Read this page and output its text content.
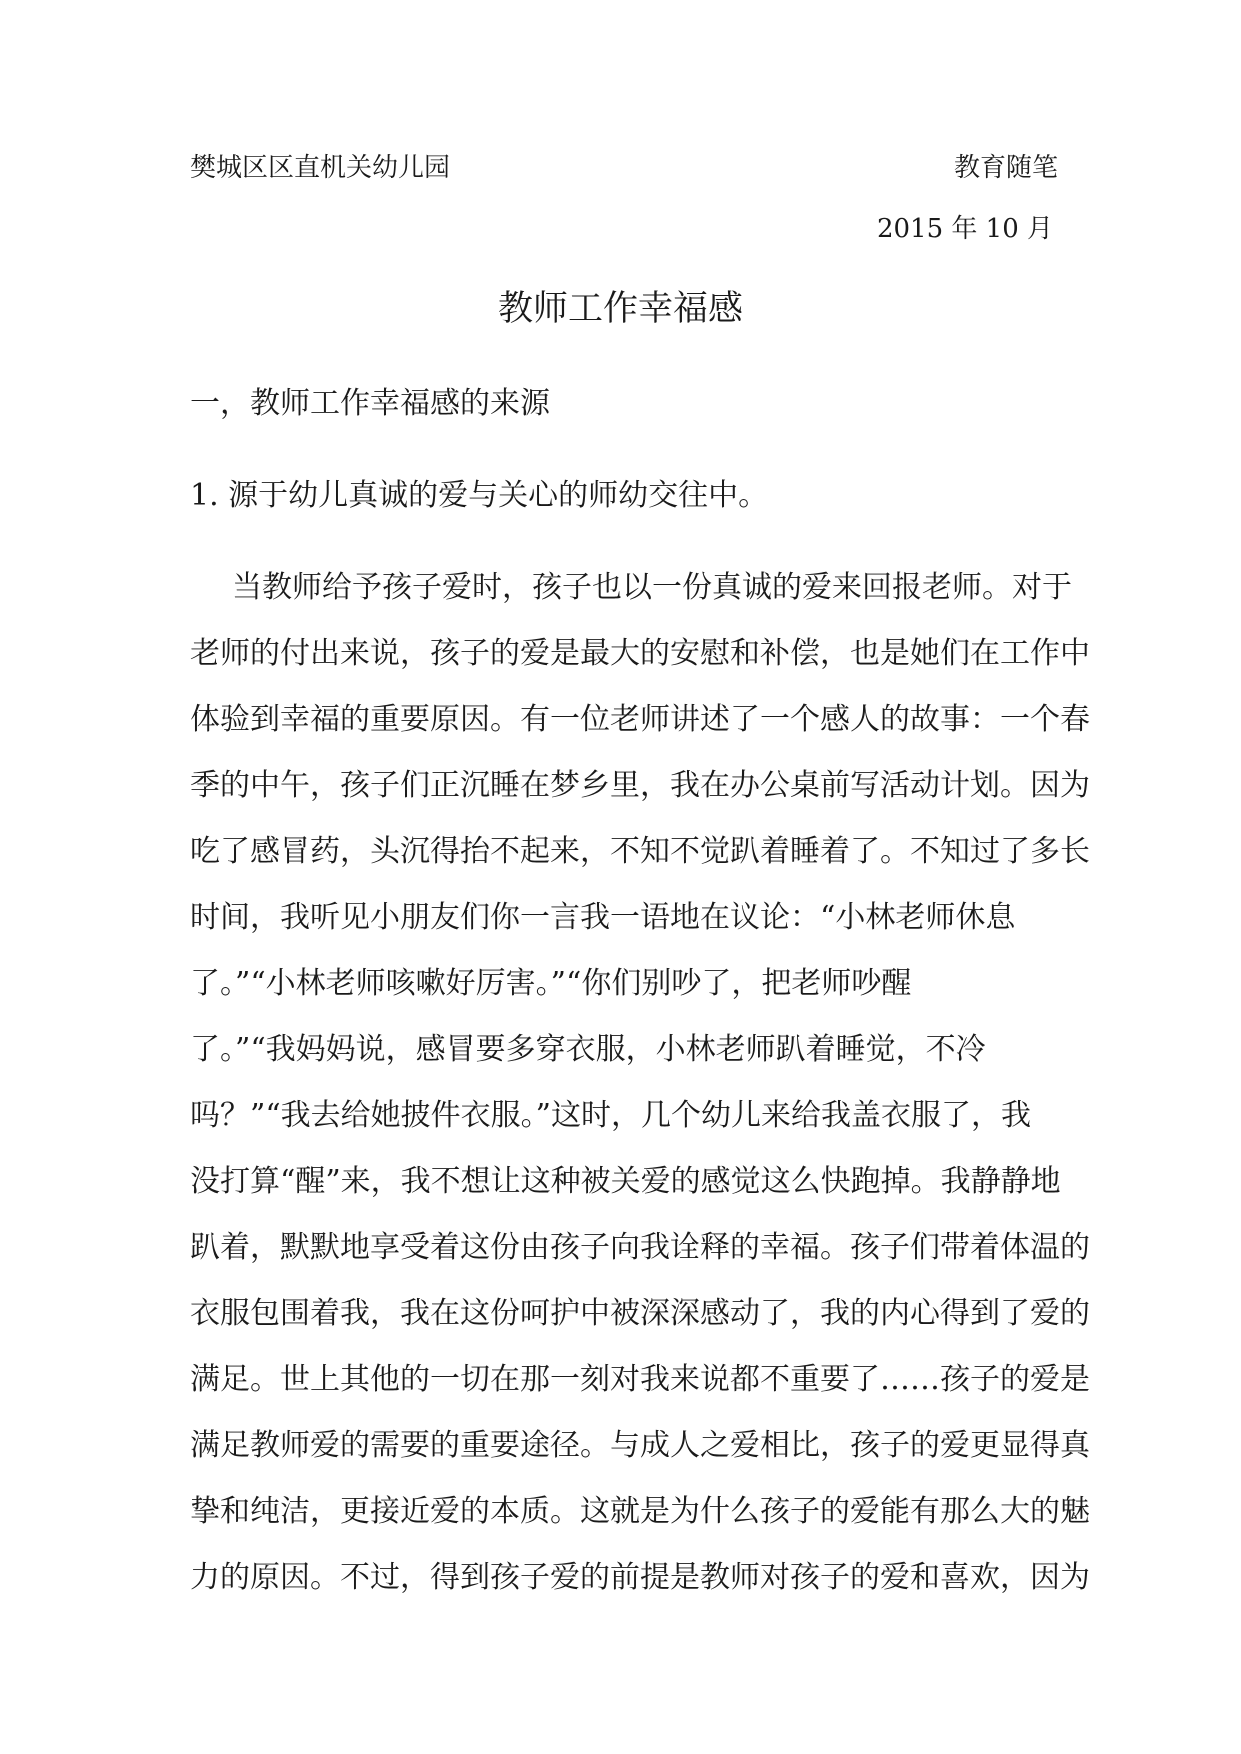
樊城区区直机关幼儿园	教育随笔
2015 年 10 月
教师工作幸福感
一，教师工作幸福感的来源
1. 源于幼儿真诚的爱与关心的师幼交往中。
当教师给予孩子爱时，孩子也以一份真诚的爱来回报老师。对于
老师的付出来说，孩子的爱是最大的安慰和补偿，也是她们在工作中
体验到幸福的重要原因。有一位老师讲述了一个感人的故事：一个春
季的中午，孩子们正沉睡在梦乡里，我在办公桌前写活动计划。因为
吃了感冒药，头沉得抬不起来，不知不觉趴着睡着了。不知过了多长
时间，我听见小朋友们你一言我一语地在议论：“小林老师休息
了。”“小林老师咳嗽好厉害。”“你们别吵了，把老师吵醒
了。”“我妈妈说，感冒要多穿衣服，小林老师趴着睡觉，不冷
吗？”“我去给她披件衣服。”这时，几个幼儿来给我盖衣服了，我
没打算“醒”来，我不想让这种被关爱的感觉这么快跑掉。我静静地
趴着，默默地享受着这份由孩子向我诠释的幸福。孩子们带着体温的
衣服包围着我，我在这份呵护中被深深感动了，我的内心得到了爱的
满足。世上其他的一切在那一刻对我来说都不重要了……孩子的爱是
满足教师爱的需要的重要途径。与成人之爱相比，孩子的爱更显得真
挚和纯洁，更接近爱的本质。这就是为什么孩子的爱能有那么大的魅
力的原因。不过，得到孩子爱的前提是教师对孩子的爱和喜欢，因为
